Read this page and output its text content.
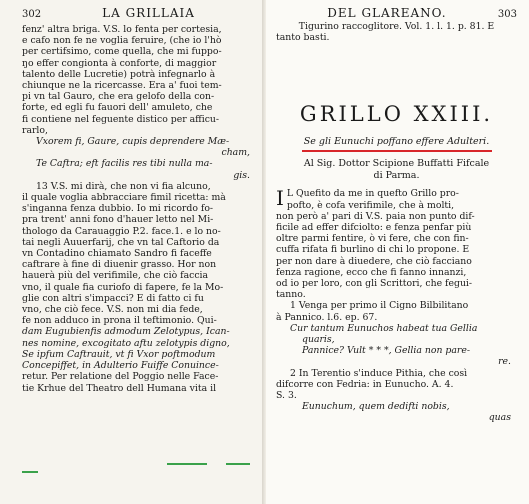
302	LA GRILLAIA
fenz' altra briga. V.S. lo fenta per cortesia,
e cafo non fe ne voglia feruire, (che io l'hò
per certifsimo, come quella, che mi fuppo-
ŋo effer congionta à conforte, di maggior
talento delle Lucretie) potrà infegnarlo à
chiunque ne la ricercasse. Era a' fuoi tem-
pi vn tal Gauro, che era gelofo della con-
forte, ed egli fu fauori dell' amuleto, che
fi contiene nel feguente distico per afficu-
rarlo,
Vxorem fi, Gaure, cupis deprendere Mæ-
cham,
Te Caftra; eft facilis res tibi nulla ma-
gis.
13 V.S. mi dirà, che non vi fia alcuno,
il quale voglia abbracciare fimil ricetta: mà
s'inganna fenza dubbio. Io mi ricordo fo-
pra trent' anni fono d'hauer letto nel Mi-
thologo da Carauaggio P.2. face.1. e lo no-
tai negli Auuerfarij, che vn tal Caftorio da
vn Contadino chiamato Sandro fi faceffe
caftrare à fine di diuenir grasso. Hor non
hauerà più del verifimile, che ciò faccia
vno, il quale fia curiofo di fapere, fe la Mo-
glie con altri s'impacci? E di fatto ci fu
vno, che ciò fece. V.S. non mi dia fede,
fe non adduco in prona il teftimonio. Qui-
dam Eugubienfis admodum Zelotypus, Ican-
nes nomine, excogitato aftu zelotypis digno,
Se ipfum Caftrauit, vt fi Vxor poftmodum
Concepiffet, in Adulterio Fuiffe Conuince-
retur. Per relatione del Poggio nelle Face-
tie Krhue del Theatro dell Humana vita il
DEL GLAREANO.	303
Tigurino raccoglitore. Vol. 1. l. 1. p. 81. E
tanto basti.
GRILLO XXIII.
Se gli Eunuchi poffano effere Adulteri.
Al Sig. Dottor Scipione Buffatti Fifcale
di Parma.
I L Quefito da me in quefto Grillo pro-
pofto, è cofa verifimile, che à molti,
non però a' pari di V.S. paia non punto dif-
ficile ad effer difciolto: e fenza penfar più
oltre parmi fentire, ò vi fere, che con fin-
cuffa rifata fi burlino di chi lo propone. E
per non dare à diuedere, che ciò facciano
fenza ragione, ecco che fi fanno innanzi,
od io per loro, con gli Scrittori, che fegui-
tanno.
1 Venga per primo il Cigno Bilbilitano
à Pannico. l.6. ep. 67.
Cur tantum Eunuchos habeat tua Gellia
quaris,
Pannice? Vult * * *, Gellia non pare-
re.
2 In Terentio s'induce Pithia, che così
difcorre con Fedria: in Eunucho. A. 4.
S. 3.
Eunuchum, quem dedifti nobis,
quas
